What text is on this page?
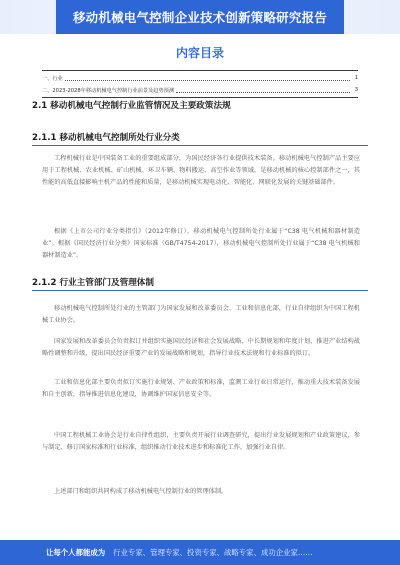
移动机械电气控制企业技术创新策略研究报告
内容目录
一、行业	1
二、2023-2028年移动机械电气控制行业前景及趋势预测	3
2.1 移动机械电气控制行业监管情况及主要政策法规
2.1.1 移动机械电气控制所处行业分类
工程机械行业是中国装备工业的重要组成部分，为国民经济各行业提供技术装备。移动机械电气控制产品主要应用于工程机械、农业机械、矿山机械、环卫车辆、物料搬运、高空作业等领域，是移动机械的核心控制部件之一，其性能的高低直接影响主机产品的性能和质量，是移动机械实现电动化、智能化、网联化发展的关键基础部件。
根据《上市公司行业分类指引》（2012年修订），移动机械电气控制所处行业属于“C38 电气机械和器材制造业”。根据《国民经济行业分类》国家标准（GB/T4754-2017），移动机械电气控制所处行业属于“C38 电气机械和器材制造业”。
2.1.2 行业主管部门及管理体制
移动机械电气控制所处行业的主管部门为国家发展和改革委员会、工业和信息化部，行业自律组织为中国工程机械工业协会。
国家发展和改革委员会负责拟订并组织实施国民经济和社会发展战略、中长期规划和年度计划，推进产业结构战略性调整和升级，提出国民经济重要产业的发展战略和规划，指导行业技术法规和行业标准的拟订。
工业和信息化部主要负责拟订实施行业规划、产业政策和标准，监测工业行业日常运行，推动重大技术装备发展和自主创新，指导推进信息化建设，协调维护国家信息安全等。
中国工程机械工业协会是行业自律性组织，主要负责开展行业调查研究，提出行业发展规划和产业政策建议，参与制定、修订国家标准和行业标准，组织推动行业技术进步和标准化工作，加强行业自律。
上述部门和组织共同构成了移动机械电气控制行业的管理体制。
让每个人都能成为 行业专家、管理专家、投资专家、战略专家、成功企业家……
